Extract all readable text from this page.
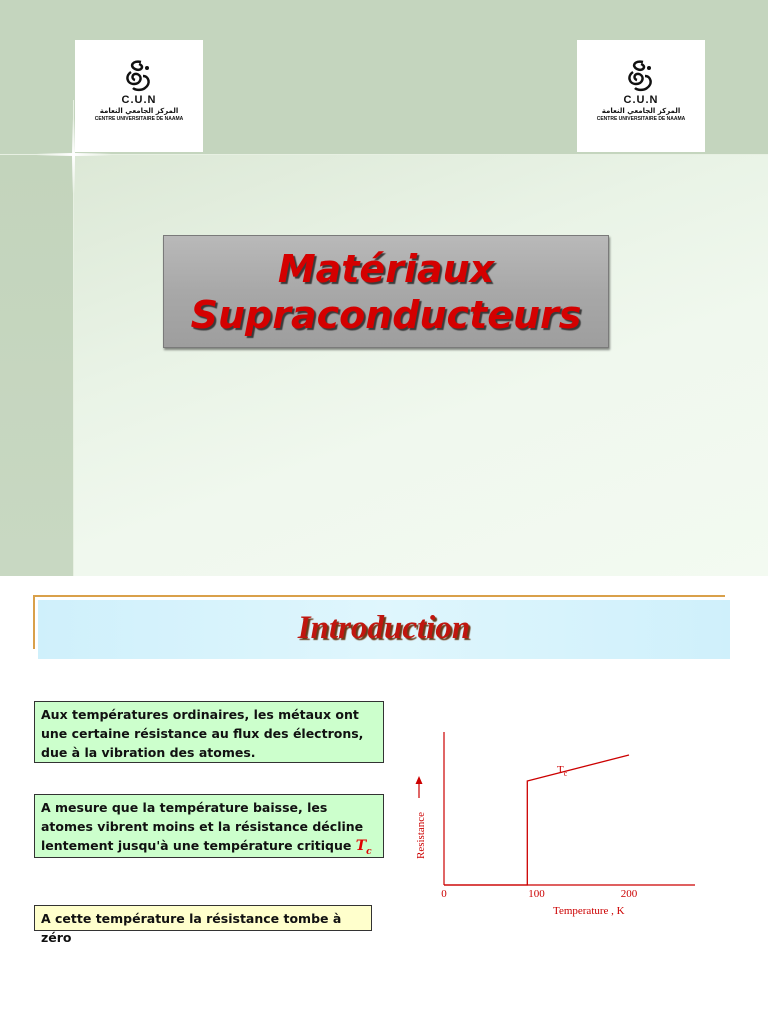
C.U.N
المركز الجامعي النعامة
CENTRE UNIVERSITAIRE DE NAAMA
C.U.N
المركز الجامعي النعامة
CENTRE UNIVERSITAIRE DE NAAMA
Matériaux
Supraconducteurs
Introduction
Aux températures ordinaires, les métaux ont une certaine résistance au flux des électrons, due à la vibration des atomes.
A mesure que la température baisse, les atomes vibrent moins et la résistance décline lentement jusqu'à une température critique $T_c$
A cette température la résistance tombe à zéro
Resistance
Temperature , K
0	100	200
$T_c$
